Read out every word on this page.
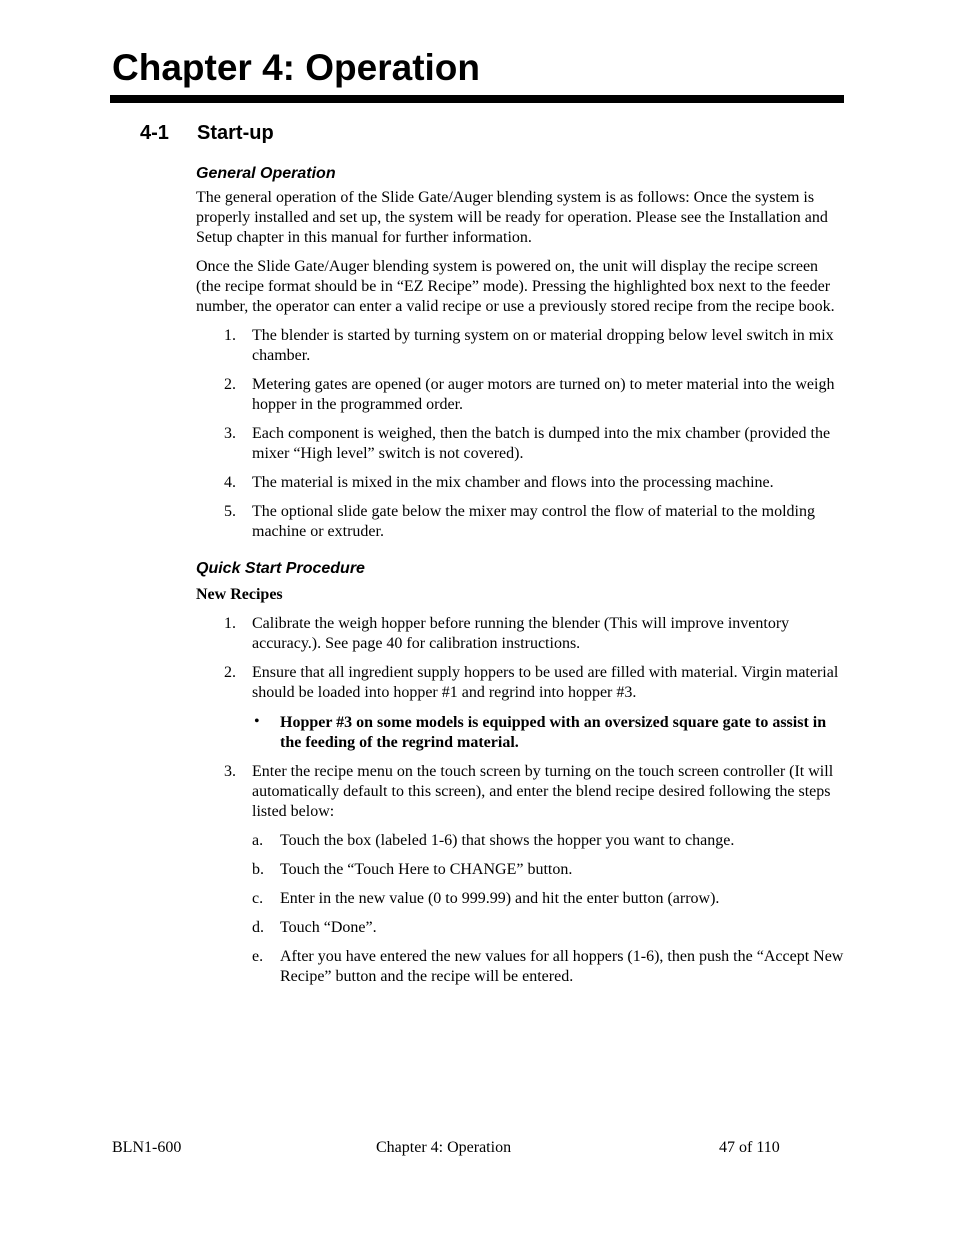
Chapter 4: Operation
4-1 Start-up

General Operation

The general operation of the Slide Gate/Auger blending system is as follows: Once the system is properly installed and set up, the system will be ready for operation. Please see the Installation and Setup chapter in this manual for further information.

Once the Slide Gate/Auger blending system is powered on, the unit will display the recipe screen (the recipe format should be in “EZ Recipe” mode). Pressing the highlighted box next to the feeder number, the operator can enter a valid recipe or use a previously stored recipe from the recipe book.

1. The blender is started by turning system on or material dropping below level switch in mix chamber.
2. Metering gates are opened (or auger motors are turned on) to meter material into the weigh hopper in the programmed order.
3. Each component is weighed, then the batch is dumped into the mix chamber (provided the mixer “High level” switch is not covered).
4. The material is mixed in the mix chamber and flows into the processing machine.
5. The optional slide gate below the mixer may control the flow of material to the molding machine or extruder.

Quick Start Procedure

New Recipes

1. Calibrate the weigh hopper before running the blender (This will improve inventory accuracy.). See page 40 for calibration instructions.
2. Ensure that all ingredient supply hoppers to be used are filled with material. Virgin material should be loaded into hopper #1 and regrind into hopper #3.
• Hopper #3 on some models is equipped with an oversized square gate to assist in the feeding of the regrind material.
3. Enter the recipe menu on the touch screen by turning on the touch screen controller (It will automatically default to this screen), and enter the blend recipe desired following the steps listed below:
a. Touch the box (labeled 1-6) that shows the hopper you want to change.
b. Touch the “Touch Here to CHANGE” button.
c. Enter in the new value (0 to 999.99) and hit the enter button (arrow).
d. Touch “Done”.
e. After you have entered the new values for all hoppers (1-6), then push the “Accept New Recipe” button and the recipe will be entered.
BLN1-600	Chapter 4: Operation	47 of 110
